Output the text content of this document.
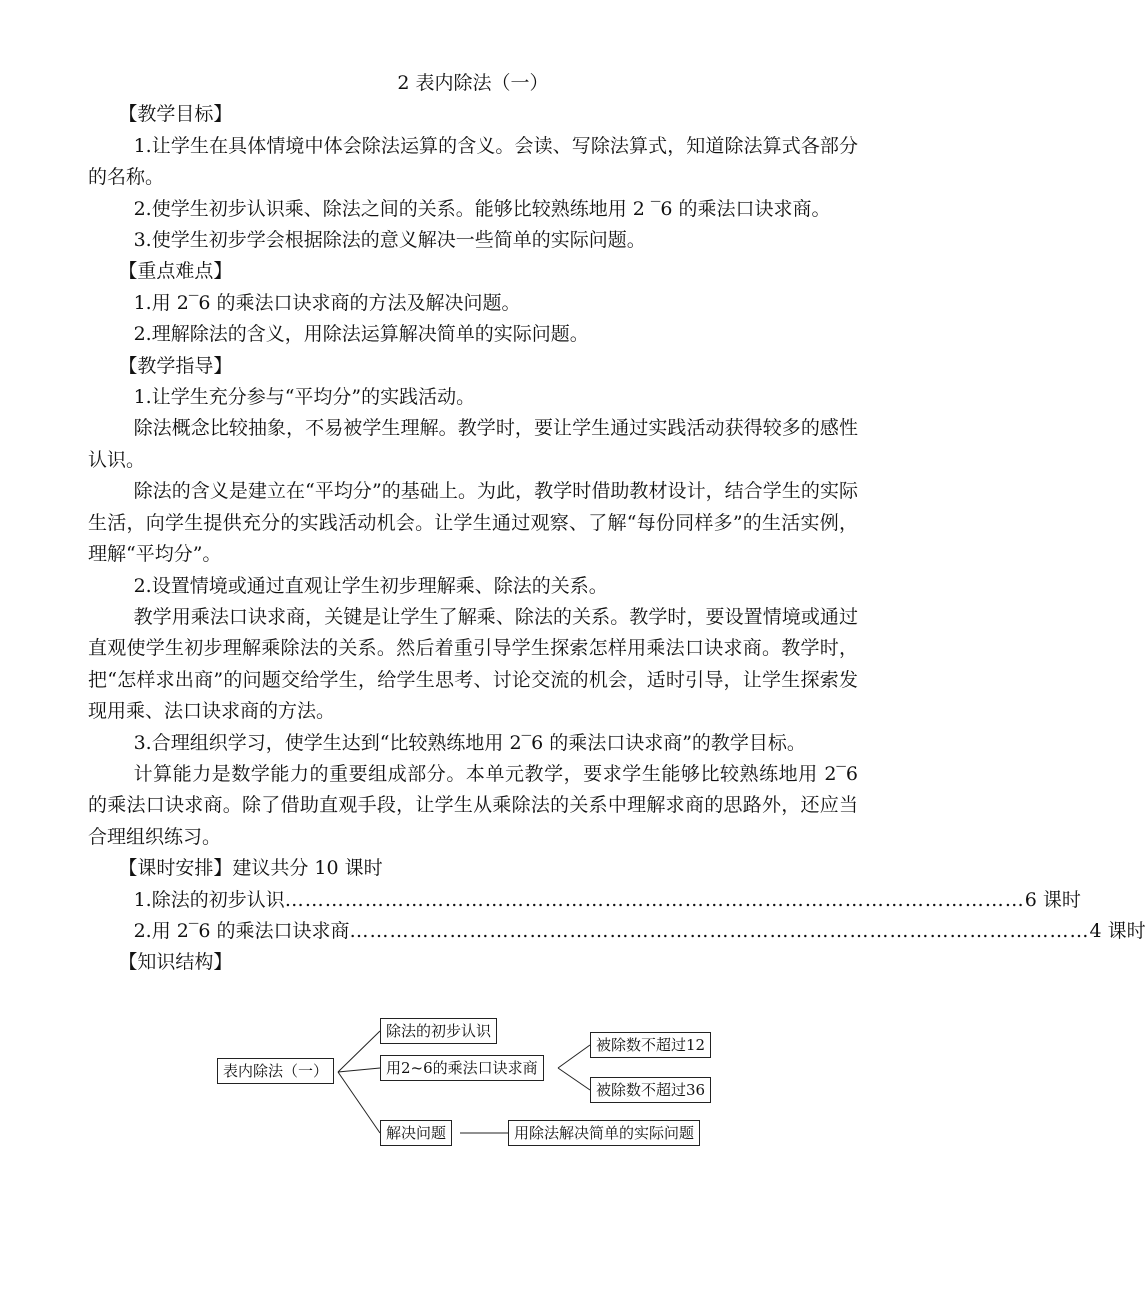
2 表内除法（一）

【教学目标】

1.让学生在具体情境中体会除法运算的含义。会读、写除法算式，知道除法算式各部分的名称。

2.使学生初步认识乘、除法之间的关系。能够比较熟练地用 2 ‾6 的乘法口诀求商。

3.使学生初步学会根据除法的意义解决一些简单的实际问题。

【重点难点】

1.用 2‾6 的乘法口诀求商的方法及解决问题。

2.理解除法的含义，用除法运算解决简单的实际问题。

【教学指导】

1.让学生充分参与“平均分”的实践活动。

除法概念比较抽象，不易被学生理解。教学时，要让学生通过实践活动获得较多的感性认识。

除法的含义是建立在“平均分”的基础上。为此，教学时借助教材设计，结合学生的实际生活，向学生提供充分的实践活动机会。让学生通过观察、了解“每份同样多”的生活实例，理解“平均分”。

2.设置情境或通过直观让学生初步理解乘、除法的关系。

教学用乘法口诀求商，关键是让学生了解乘、除法的关系。教学时，要设置情境或通过直观使学生初步理解乘除法的关系。然后着重引导学生探索怎样用乘法口诀求商。教学时，把“怎样求出商”的问题交给学生，给学生思考、讨论交流的机会，适时引导，让学生探索发现用乘、法口诀求商的方法。

3.合理组织学习，使学生达到“比较熟练地用 2‾6 的乘法口诀求商”的教学目标。

计算能力是数学能力的重要组成部分。本单元教学，要求学生能够比较熟练地用 2‾6 的乘法口诀求商。除了借助直观手段，让学生从乘除法的关系中理解求商的思路外，还应当合理组织练习。

【课时安排】建议共分 10 课时

1.除法的初步认识 ………………………………………………………………………………………………… 6 课时
2.用 2‾6 的乘法口诀求商 ………………………………………………………………………………………………… 4 课时

【知识结构】

表内除法（一）
除法的初步认识
用2~6的乘法口诀求商
被除数不超过12
被除数不超过36
解决问题	用除法解决简单的实际问题
